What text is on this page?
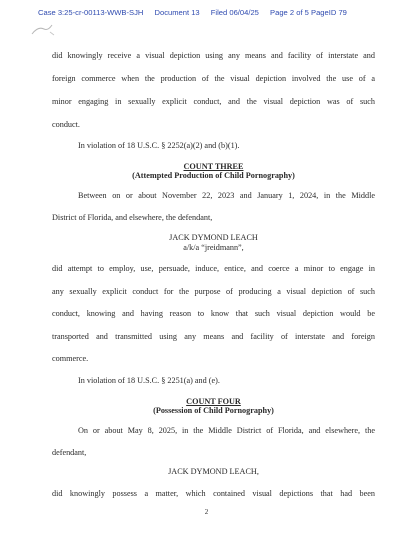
Case 3:25-cr-00113-WWB-SJH Document 13 Filed 06/04/25 Page 2 of 5 PageID 79
did knowingly receive a visual depiction using any means and facility of interstate and
foreign commerce when the production of the visual depiction involved the use of a
minor engaging in sexually explicit conduct, and the visual depiction was of such
conduct.
In violation of 18 U.S.C. § 2252(a)(2) and (b)(1).
COUNT THREE
(Attempted Production of Child Pornography)
Between on or about November 22, 2023 and January 1, 2024, in the Middle
District of Florida, and elsewhere, the defendant,
JACK DYMOND LEACH
a/k/a “jreidmann”,
did attempt to employ, use, persuade, induce, entice, and coerce a minor to engage in
any sexually explicit conduct for the purpose of producing a visual depiction of such
conduct, knowing and having reason to know that such visual depiction would be
transported and transmitted using any means and facility of interstate and foreign
commerce.
In violation of 18 U.S.C. § 2251(a) and (e).
COUNT FOUR
(Possession of Child Pornography)
On or about May 8, 2025, in the Middle District of Florida, and elsewhere, the
defendant,
JACK DYMOND LEACH,
did knowingly possess a matter, which contained visual depictions that had been
2
